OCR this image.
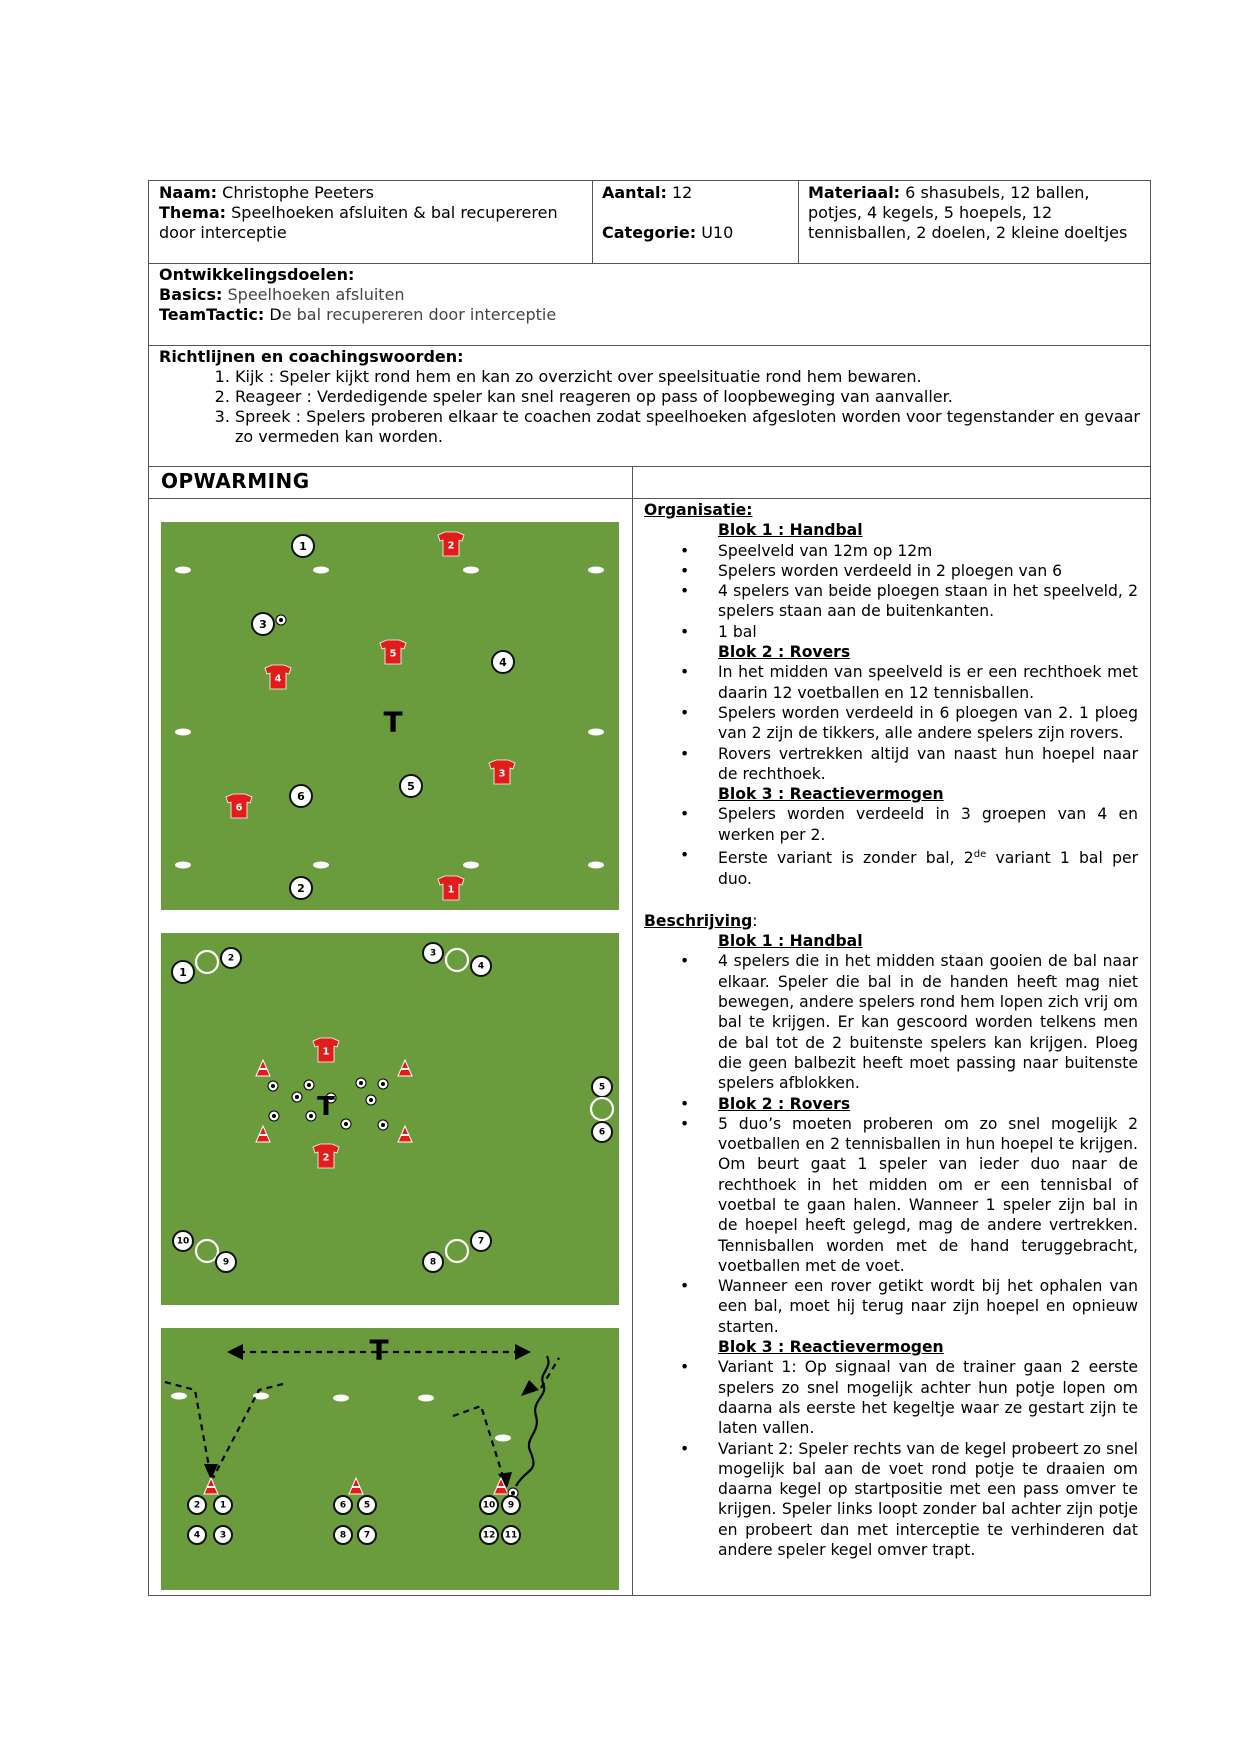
Naam: Christophe Peeters
Thema: Speelhoeken afsluiten & bal recupereren door interceptie
Aantal: 12
Categorie: U10
Materiaal: 6 shasubels, 12 ballen, potjes, 4 kegels, 5 hoepels, 12 tennisballen, 2 doelen, 2 kleine doeltjes
Ontwikkelingsdoelen:
Basics: Speelhoeken afsluiten
TeamTactic: De bal recupereren door interceptie
Richtlijnen en coachingswoorden:
1. Kijk : Speler kijkt rond hem en kan zo overzicht over speelsituatie rond hem bewaren.
2. Reageer : Verdedigende speler kan snel reageren op pass of loopbeweging van aanvaller.
3. Spreek : Spelers proberen elkaar te coachen zodat speelhoeken afgesloten worden voor tegenstander en gevaar zo vermeden kan worden.
OPWARMING
1	2
3
5
4
4
T
3
5
6
6
2	1
1
2	3
4
5
6
10
9	8
7
1
2
T
T
2 1
4 3
6 5
8 7
10 9
12 11
Organisatie:
Blok 1 : Handbal
• Speelveld van 12m op 12m
• Spelers worden verdeeld in 2 ploegen van 6
• 4 spelers van beide ploegen staan in het speelveld, 2 spelers staan aan de buitenkanten.
• 1 bal
Blok 2 : Rovers
• In het midden van speelveld is er een rechthoek met daarin 12 voetballen en 12 tennisballen.
• Spelers worden verdeeld in 6 ploegen van 2. 1 ploeg van 2 zijn de tikkers, alle andere spelers zijn rovers.
• Rovers vertrekken altijd van naast hun hoepel naar de rechthoek.
Blok 3 : Reactievermogen
• Spelers worden verdeeld in 3 groepen van 4 en werken per 2.
• Eerste variant is zonder bal, 2de variant 1 bal per duo.
Beschrijving:
Blok 1 : Handbal
• 4 spelers die in het midden staan gooien de bal naar elkaar. Speler die bal in de handen heeft mag niet bewegen, andere spelers rond hem lopen zich vrij om bal te krijgen. Er kan gescoord worden telkens men de bal tot de 2 buitenste spelers kan krijgen. Ploeg die geen balbezit heeft moet passing naar buitenste spelers afblokken.
• Blok 2 : Rovers
• 5 duo’s moeten proberen om zo snel mogelijk 2 voetballen en 2 tennisballen in hun hoepel te krijgen. Om beurt gaat 1 speler van ieder duo naar de rechthoek in het midden om er een tennisbal of voetbal te gaan halen. Wanneer 1 speler zijn bal in de hoepel heeft gelegd, mag de andere vertrekken. Tennisballen worden met de hand teruggebracht, voetballen met de voet.
• Wanneer een rover getikt wordt bij het ophalen van een bal, moet hij terug naar zijn hoepel en opnieuw starten.
Blok 3 : Reactievermogen
• Variant 1: Op signaal van de trainer gaan 2 eerste spelers zo snel mogelijk achter hun potje lopen om daarna als eerste het kegeltje waar ze gestart zijn te laten vallen.
• Variant 2: Speler rechts van de kegel probeert zo snel mogelijk bal aan de voet rond potje te draaien om daarna kegel op startpositie met een pass omver te krijgen. Speler links loopt zonder bal achter zijn potje en probeert dan met interceptie te verhinderen dat andere speler kegel omver trapt.
